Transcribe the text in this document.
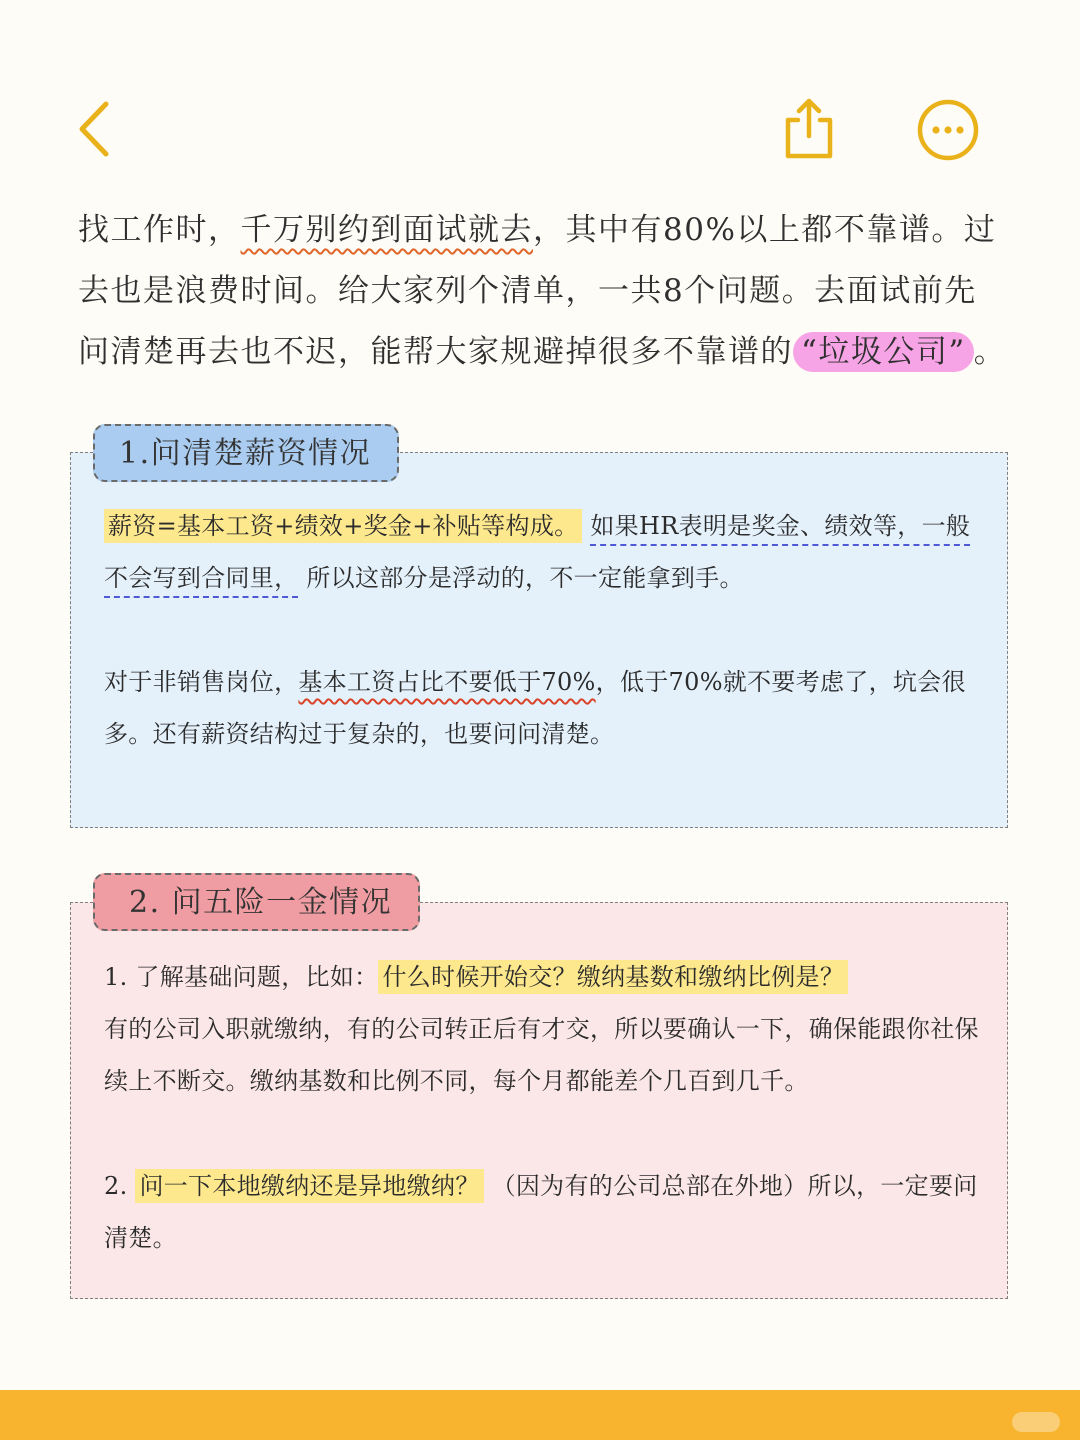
找工作时，千万别约到面试就去，其中有80%以上都不靠谱。过去也是浪费时间。给大家列个清单，一共8个问题。去面试前先问清楚再去也不迟，能帮大家规避掉很多不靠谱的 “垃圾公司” 。
1.问清楚薪资情况
薪资=基本工资+绩效+奖金+补贴等构成。 如果HR表明是奖金、绩效等，一般不会写到合同里， 所以这部分是浮动的，不一定能拿到手。
对于非销售岗位，基本工资占比不要低于70%，低于70%就不要考虑了，坑会很多。还有薪资结构过于复杂的，也要问问清楚。
2. 问五险一金情况
1. 了解基础问题，比如： 什么时候开始交？缴纳基数和缴纳比例是？
有的公司入职就缴纳，有的公司转正后有才交，所以要确认一下，确保能跟你社保续上不断交。缴纳基数和比例不同，每个月都能差个几百到几千。
2. 问一下本地缴纳还是异地缴纳？ （因为有的公司总部在外地）所以，一定要问清楚。
